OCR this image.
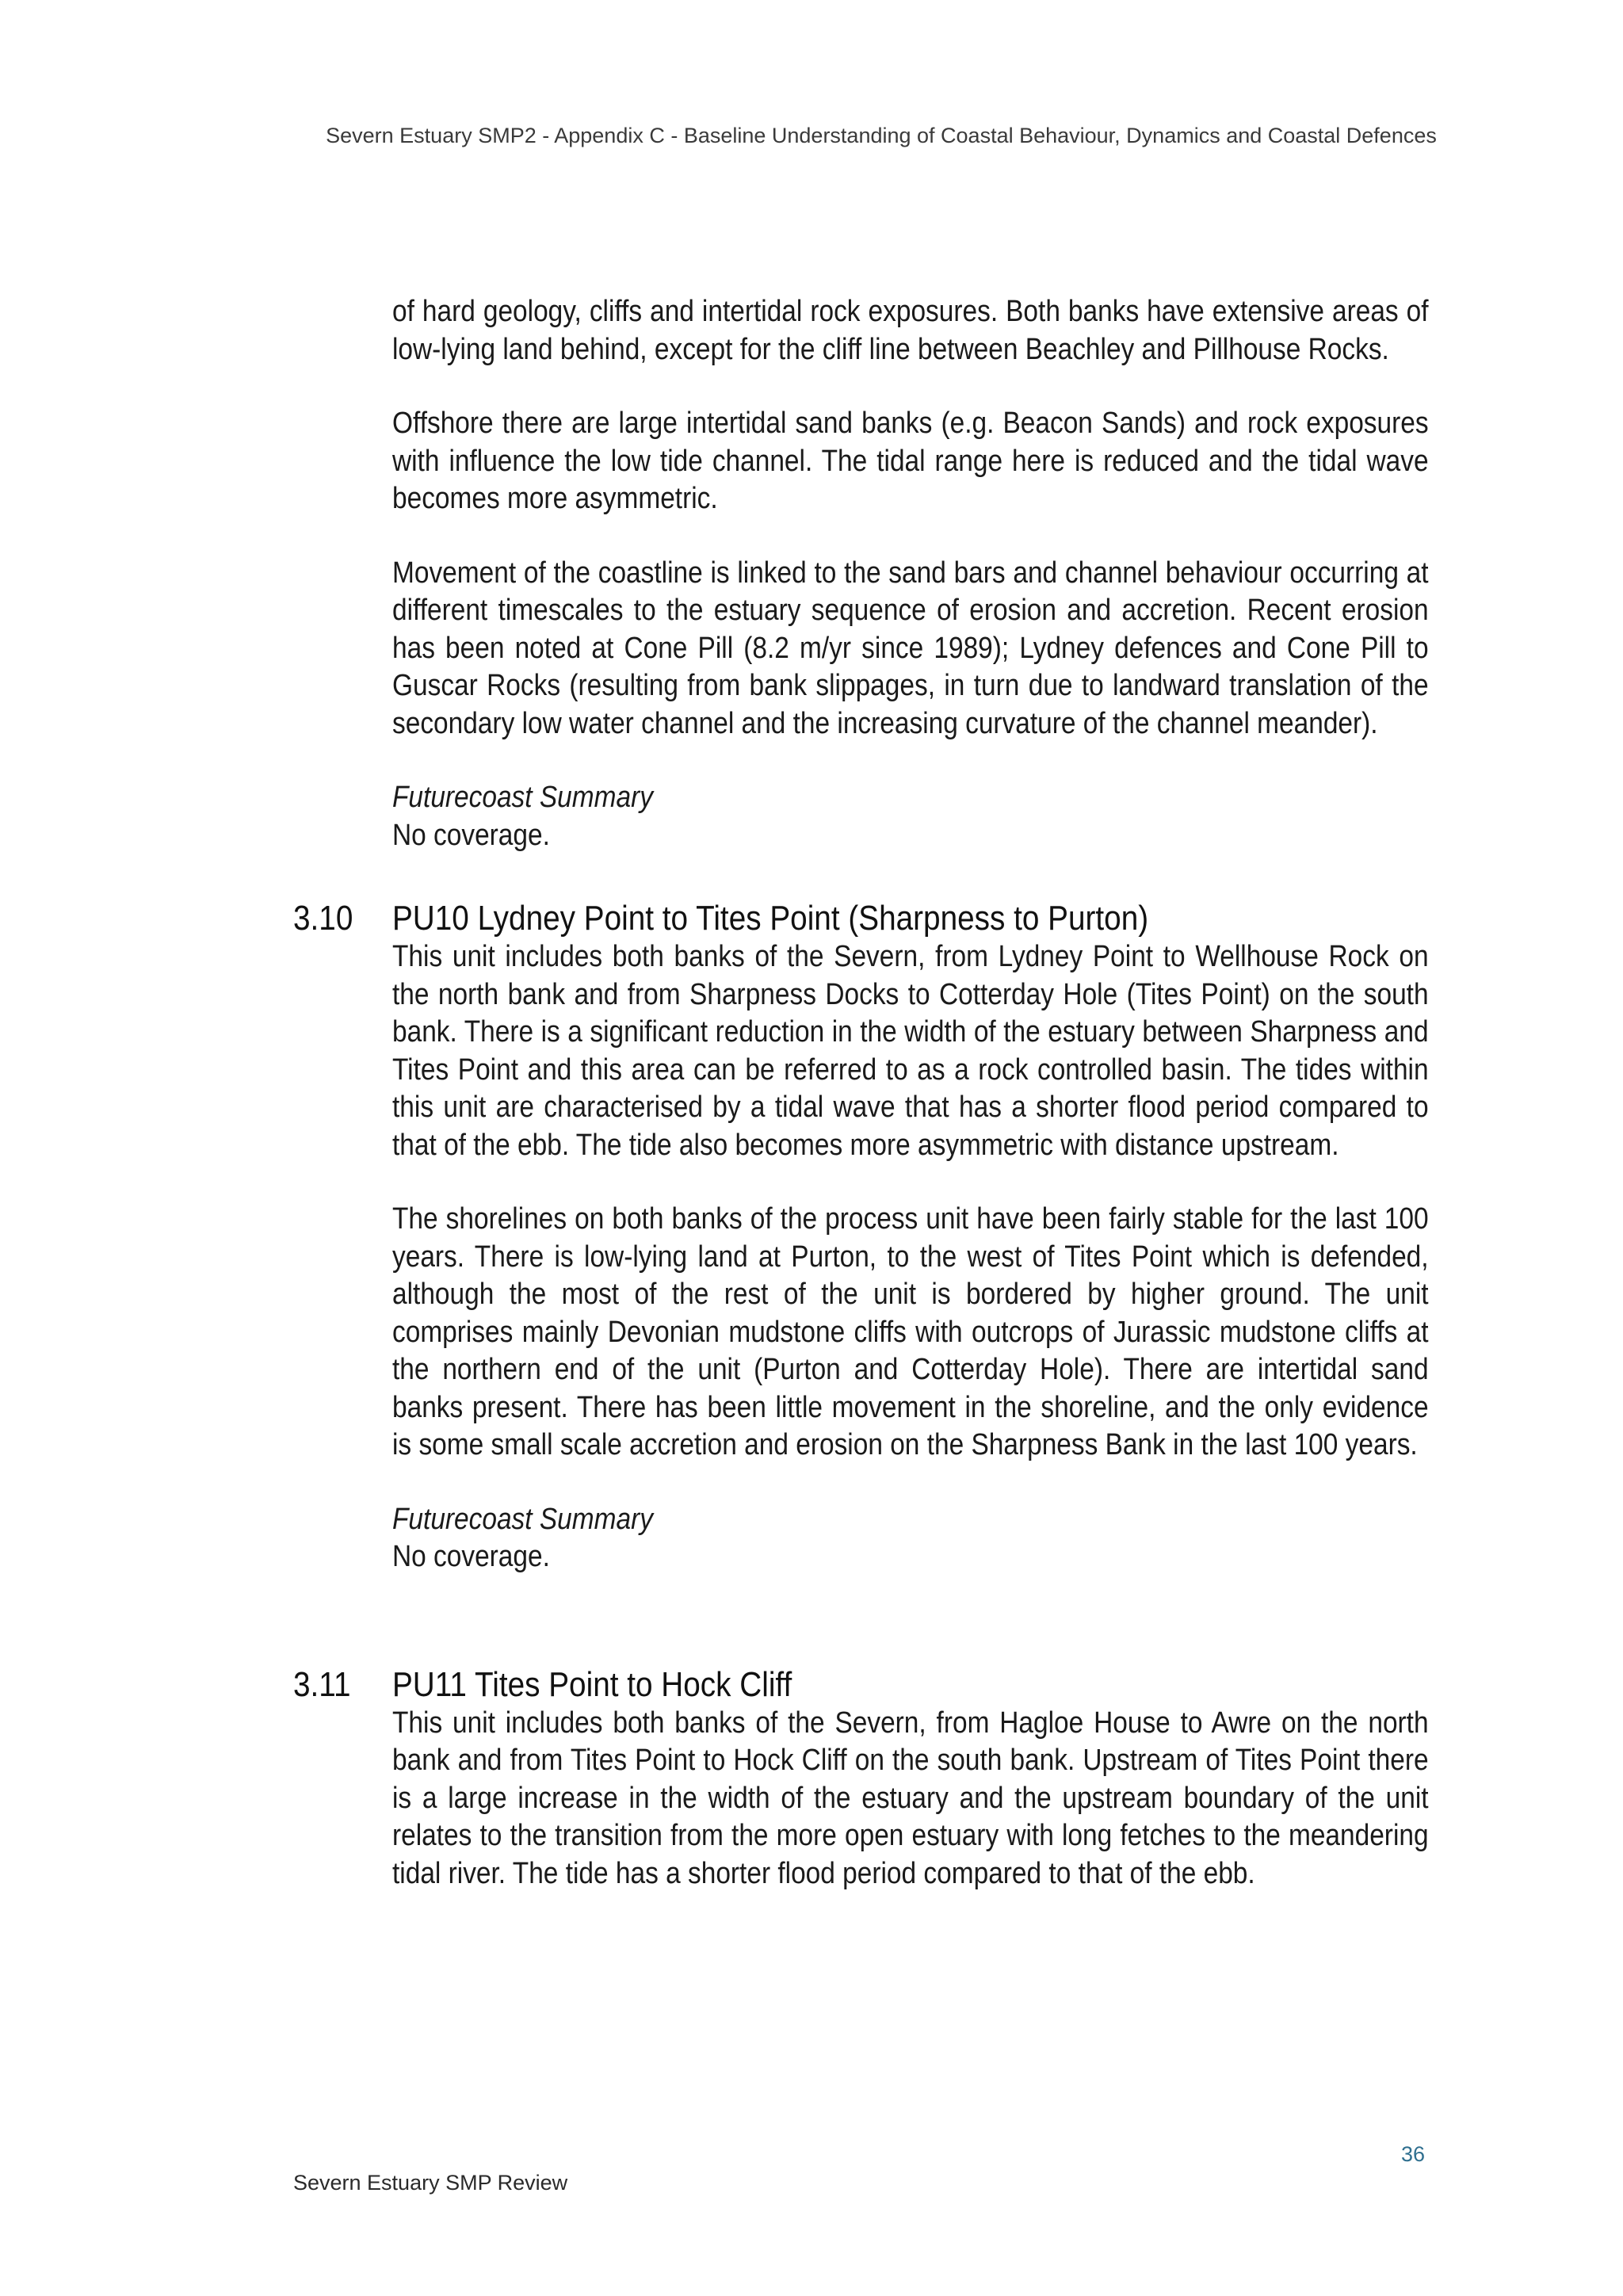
Severn Estuary SMP2 - Appendix C - Baseline Understanding of Coastal Behaviour, Dynamics and Coastal Defences

of hard geology, cliffs and intertidal rock exposures. Both banks have extensive areas of low-lying land behind, except for the cliff line between Beachley and Pillhouse Rocks.

Offshore there are large intertidal sand banks (e.g. Beacon Sands) and rock exposures with influence the low tide channel. The tidal range here is reduced and the tidal wave becomes more asymmetric.

Movement of the coastline is linked to the sand bars and channel behaviour occurring at different timescales to the estuary sequence of erosion and accretion. Recent erosion has been noted at Cone Pill (8.2 m/yr since 1989); Lydney defences and Cone Pill to Guscar Rocks (resulting from bank slippages, in turn due to landward translation of the secondary low water channel and the increasing curvature of the channel meander).

Futurecoast Summary
No coverage.
3.10	PU10 Lydney Point to Tites Point (Sharpness to Purton)

This unit includes both banks of the Severn, from Lydney Point to Wellhouse Rock on the north bank and from Sharpness Docks to Cotterday Hole (Tites Point) on the south bank. There is a significant reduction in the width of the estuary between Sharpness and Tites Point and this area can be referred to as a rock controlled basin. The tides within this unit are characterised by a tidal wave that has a shorter flood period compared to that of the ebb. The tide also becomes more asymmetric with distance upstream.

The shorelines on both banks of the process unit have been fairly stable for the last 100 years. There is low-lying land at Purton, to the west of Tites Point which is defended, although the most of the rest of the unit is bordered by higher ground. The unit comprises mainly Devonian mudstone cliffs with outcrops of Jurassic mudstone cliffs at the northern end of the unit (Purton and Cotterday Hole). There are intertidal sand banks present. There has been little movement in the shoreline, and the only evidence is some small scale accretion and erosion on the Sharpness Bank in the last 100 years.

Futurecoast Summary
No coverage.
3.11	PU11 Tites Point to Hock Cliff

This unit includes both banks of the Severn, from Hagloe House to Awre on the north bank and from Tites Point to Hock Cliff on the south bank. Upstream of Tites Point there is a large increase in the width of the estuary and the upstream boundary of the unit relates to the transition from the more open estuary with long fetches to the meandering tidal river. The tide has a shorter flood period compared to that of the ebb.

36
Severn Estuary SMP Review
